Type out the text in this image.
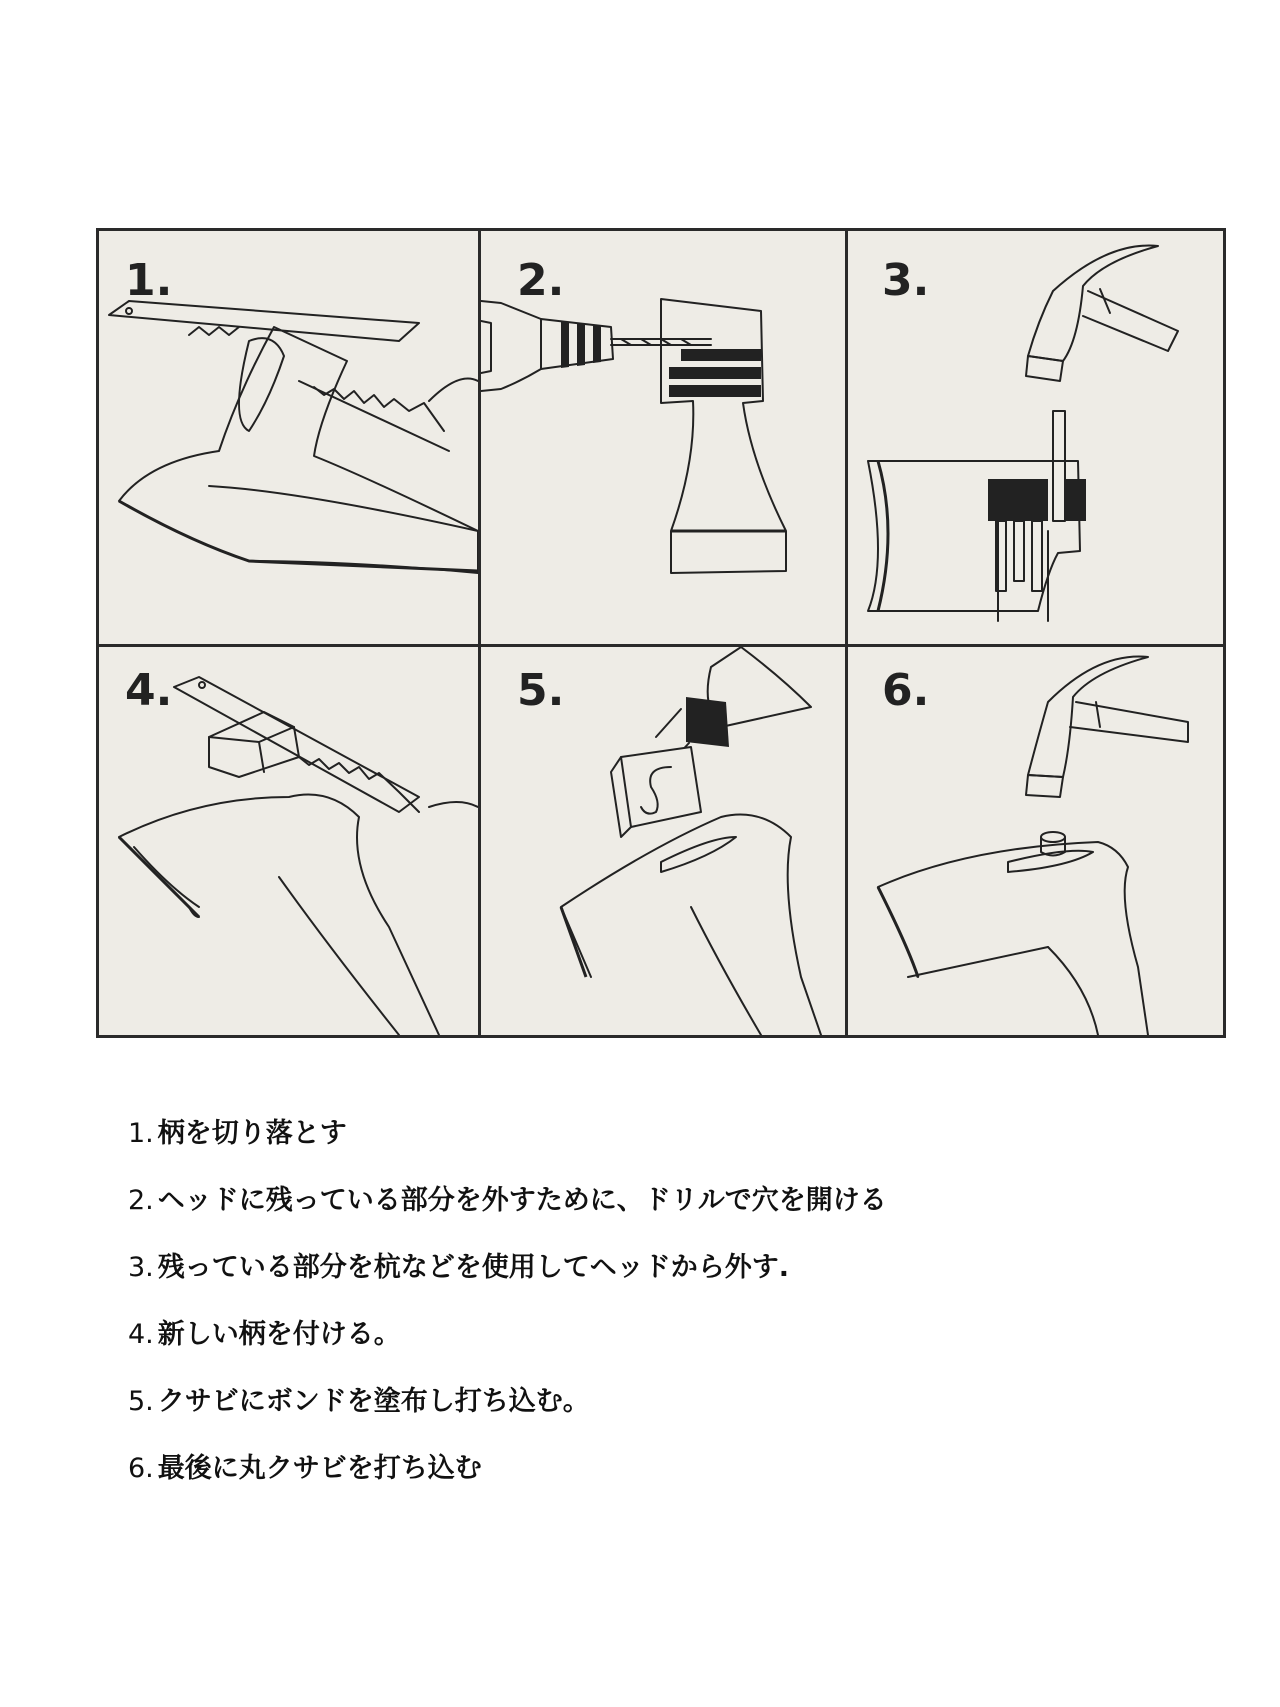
1.	2.	3.
4.	5.	6.
1. 柄を切り落とす
2. ヘッドに残っている部分を外すために、ドリルで穴を開ける
3. 残っている部分を杭などを使用してヘッドから外す.
4. 新しい柄を付ける。
5. クサビにボンドを塗布し打ち込む。
6. 最後に丸クサビを打ち込む
